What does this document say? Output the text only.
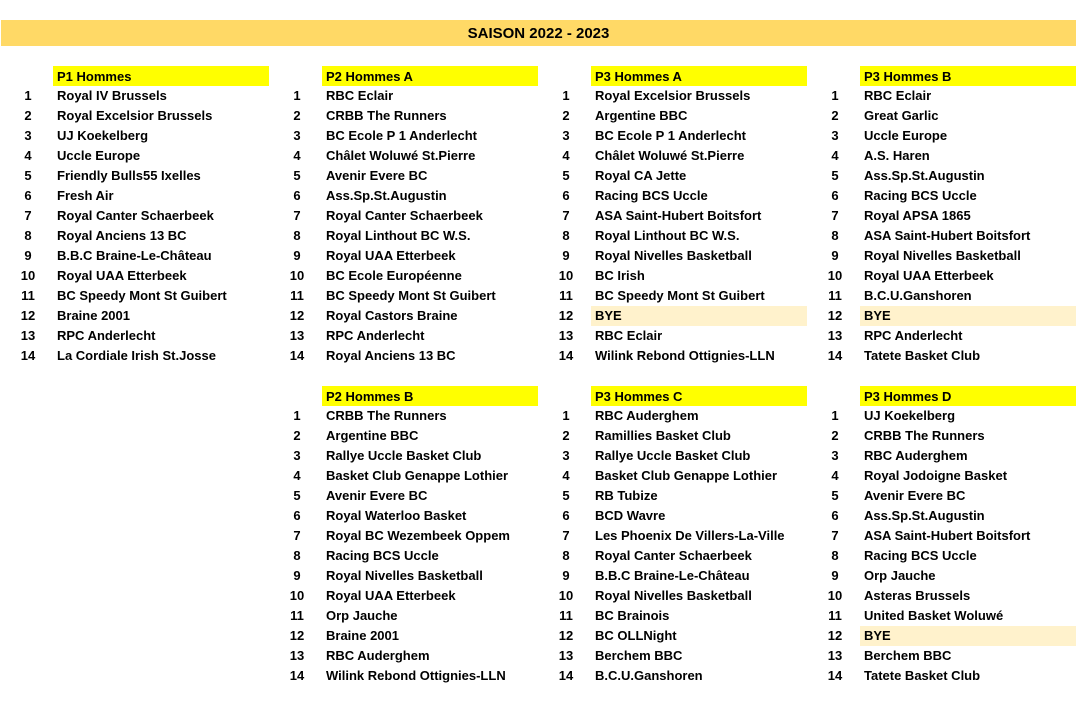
SAISON 2022 - 2023
P1 Hommes
1	Royal IV Brussels
2	Royal Excelsior Brussels
3	UJ Koekelberg
4	Uccle Europe
5	Friendly Bulls55 Ixelles
6	Fresh Air
7	Royal Canter Schaerbeek
8	Royal Anciens 13 BC
9	B.B.C Braine-Le-Château
10	Royal UAA Etterbeek
11	BC Speedy Mont St Guibert
12	Braine 2001
13	RPC Anderlecht
14	La Cordiale Irish St.Josse
P2 Hommes A
1	RBC Eclair
2	CRBB The Runners
3	BC Ecole P 1 Anderlecht
4	Châlet Woluwé St.Pierre
5	Avenir Evere BC
6	Ass.Sp.St.Augustin
7	Royal Canter Schaerbeek
8	Royal Linthout BC W.S.
9	Royal UAA Etterbeek
10	BC Ecole Européenne
11	BC Speedy Mont St Guibert
12	Royal Castors Braine
13	RPC Anderlecht
14	Royal Anciens 13 BC
P3 Hommes A
1	Royal Excelsior Brussels
2	Argentine BBC
3	BC Ecole P 1 Anderlecht
4	Châlet Woluwé St.Pierre
5	Royal CA Jette
6	Racing BCS Uccle
7	ASA Saint-Hubert Boitsfort
8	Royal Linthout BC W.S.
9	Royal Nivelles Basketball
10	BC Irish
11	BC Speedy Mont St Guibert
12	BYE
13	RBC Eclair
14	Wilink Rebond Ottignies-LLN
P3 Hommes B
1	RBC Eclair
2	Great Garlic
3	Uccle Europe
4	A.S. Haren
5	Ass.Sp.St.Augustin
6	Racing BCS Uccle
7	Royal APSA 1865
8	ASA Saint-Hubert Boitsfort
9	Royal Nivelles Basketball
10	Royal UAA Etterbeek
11	B.C.U.Ganshoren
12	BYE
13	RPC Anderlecht
14	Tatete Basket Club
P2 Hommes B
1	CRBB The Runners
2	Argentine BBC
3	Rallye Uccle Basket Club
4	Basket Club Genappe Lothier
5	Avenir Evere BC
6	Royal Waterloo Basket
7	Royal BC Wezembeek Oppem
8	Racing BCS Uccle
9	Royal Nivelles Basketball
10	Royal UAA Etterbeek
11	Orp Jauche
12	Braine 2001
13	RBC Auderghem
14	Wilink Rebond Ottignies-LLN
P3 Hommes C
1	RBC Auderghem
2	Ramillies Basket Club
3	Rallye Uccle Basket Club
4	Basket Club Genappe Lothier
5	RB Tubize
6	BCD Wavre
7	Les Phoenix De Villers-La-Ville
8	Royal Canter Schaerbeek
9	B.B.C Braine-Le-Château
10	Royal Nivelles Basketball
11	BC Brainois
12	BC OLLNight
13	Berchem BBC
14	B.C.U.Ganshoren
P3 Hommes D
1	UJ Koekelberg
2	CRBB The Runners
3	RBC Auderghem
4	Royal Jodoigne Basket
5	Avenir Evere BC
6	Ass.Sp.St.Augustin
7	ASA Saint-Hubert Boitsfort
8	Racing BCS Uccle
9	Orp Jauche
10	Asteras Brussels
11	United Basket Woluwé
12	BYE
13	Berchem BBC
14	Tatete Basket Club
